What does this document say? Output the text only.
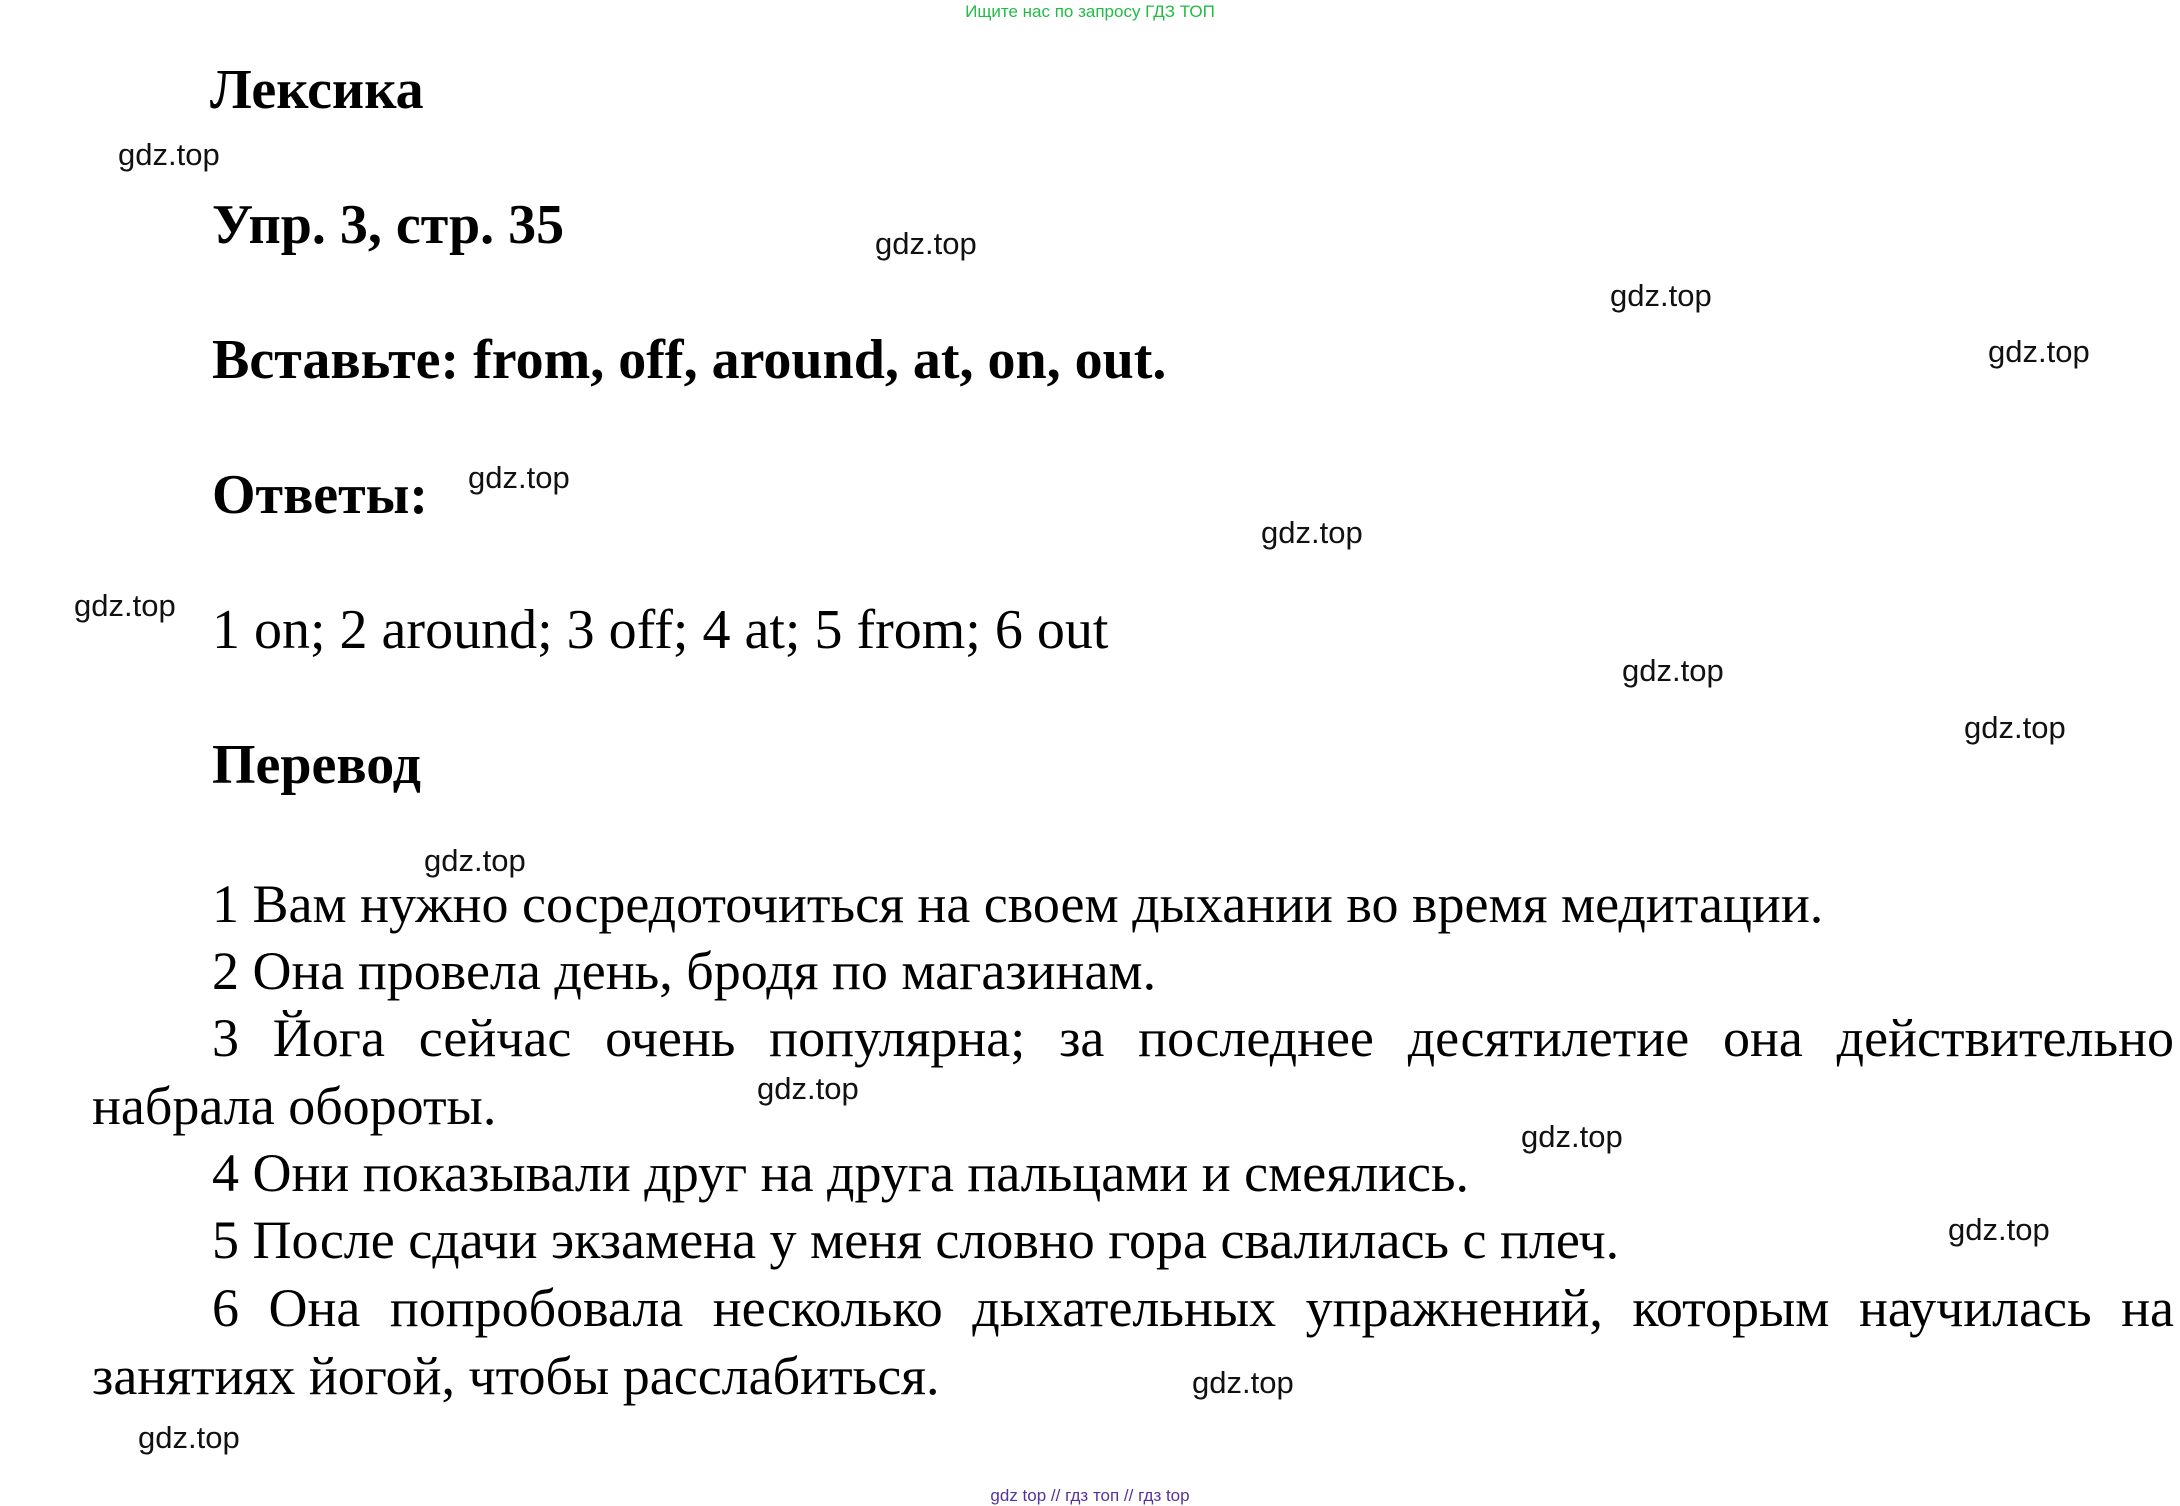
Ищите нас по запросу ГДЗ ТОП
Лексика
Упр. 3, стр. 35
Вставьте: from, off, around, at, on, out.
Ответы:
1 on; 2 around; 3 off; 4 at; 5 from; 6 out
Перевод
1 Вам нужно сосредоточиться на своем дыхании во время медитации.
2 Она провела день, бродя по магазинам.
3 Йога сейчас очень популярна; за последнее десятилетие она действительно набрала обороты.
4 Они показывали друг на друга пальцами и смеялись.
5 После сдачи экзамена у меня словно гора свалилась с плеч.
6 Она попробовала несколько дыхательных упражнений, которым научилась на занятиях йогой, чтобы расслабиться.
gdz.top
gdz.top
gdz.top
gdz.top
gdz.top
gdz.top
gdz.top
gdz.top
gdz.top
gdz.top
gdz.top
gdz.top
gdz.top
gdz.top
gdz.top
gdz top // гдз топ // гдз top
